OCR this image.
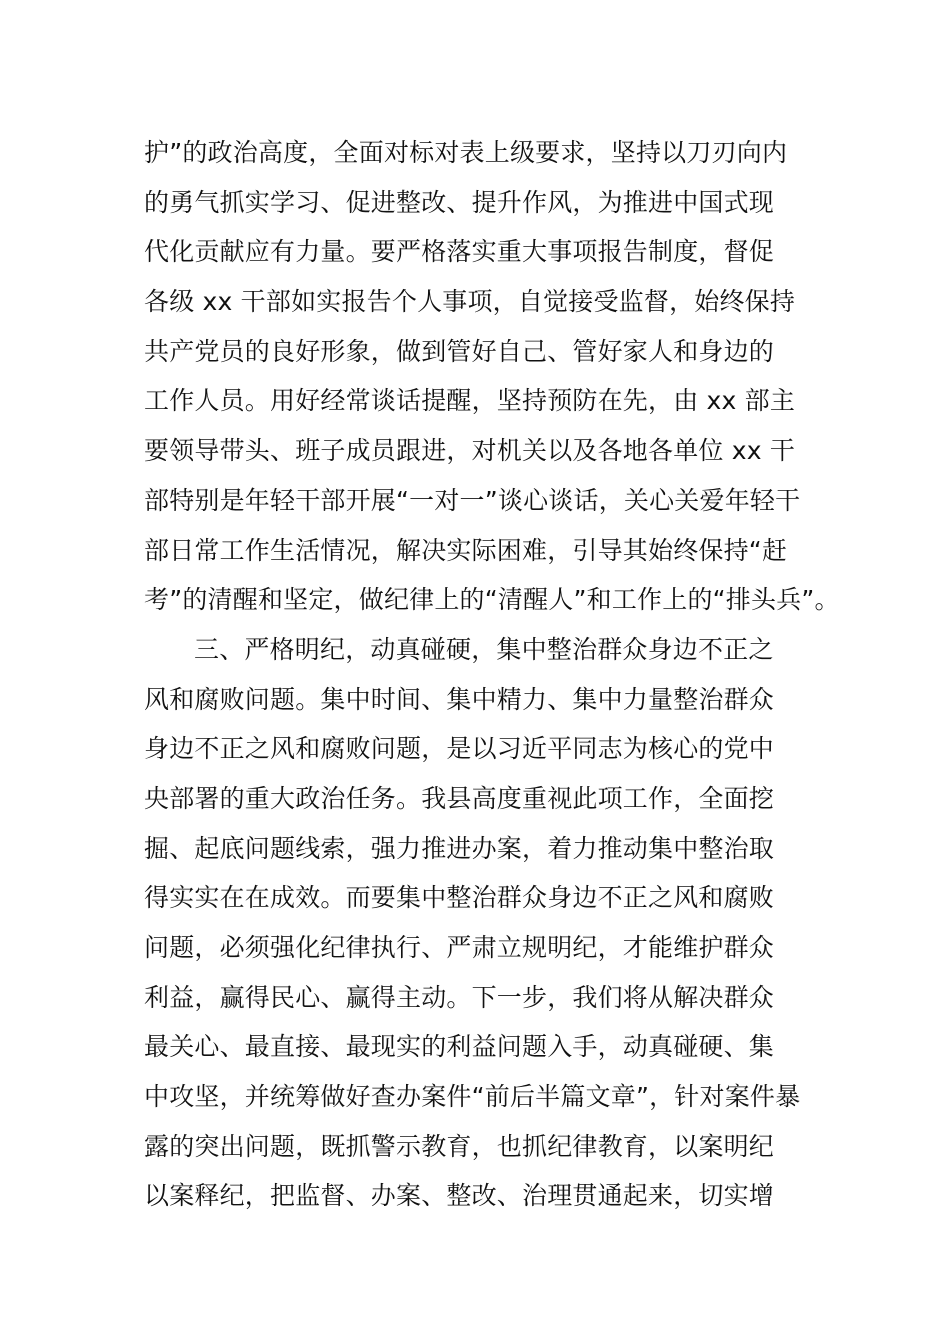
护”的政治高度，全面对标对表上级要求，坚持以刀刃向内
的勇气抓实学习、促进整改、提升作风，为推进中国式现
代化贡献应有力量。要严格落实重大事项报告制度，督促
各级 xx 干部如实报告个人事项，自觉接受监督，始终保持
共产党员的良好形象，做到管好自己、管好家人和身边的
工作人员。用好经常谈话提醒，坚持预防在先，由 xx 部主
要领导带头、班子成员跟进，对机关以及各地各单位 xx 干
部特别是年轻干部开展“一对一”谈心谈话，关心关爱年轻干
部日常工作生活情况，解决实际困难，引导其始终保持“赶
考”的清醒和坚定，做纪律上的“清醒人”和工作上的“排头兵”。
三、严格明纪，动真碰硬，集中整治群众身边不正之
风和腐败问题。集中时间、集中精力、集中力量整治群众
身边不正之风和腐败问题，是以习近平同志为核心的党中
央部署的重大政治任务。我县高度重视此项工作，全面挖
掘、起底问题线索，强力推进办案，着力推动集中整治取
得实实在在成效。而要集中整治群众身边不正之风和腐败
问题，必须强化纪律执行、严肃立规明纪，才能维护群众
利益，赢得民心、赢得主动。下一步，我们将从解决群众
最关心、最直接、最现实的利益问题入手，动真碰硬、集
中攻坚，并统筹做好查办案件“前后半篇文章”，针对案件暴
露的突出问题，既抓警示教育，也抓纪律教育，以案明纪
以案释纪，把监督、办案、整改、治理贯通起来，切实增
